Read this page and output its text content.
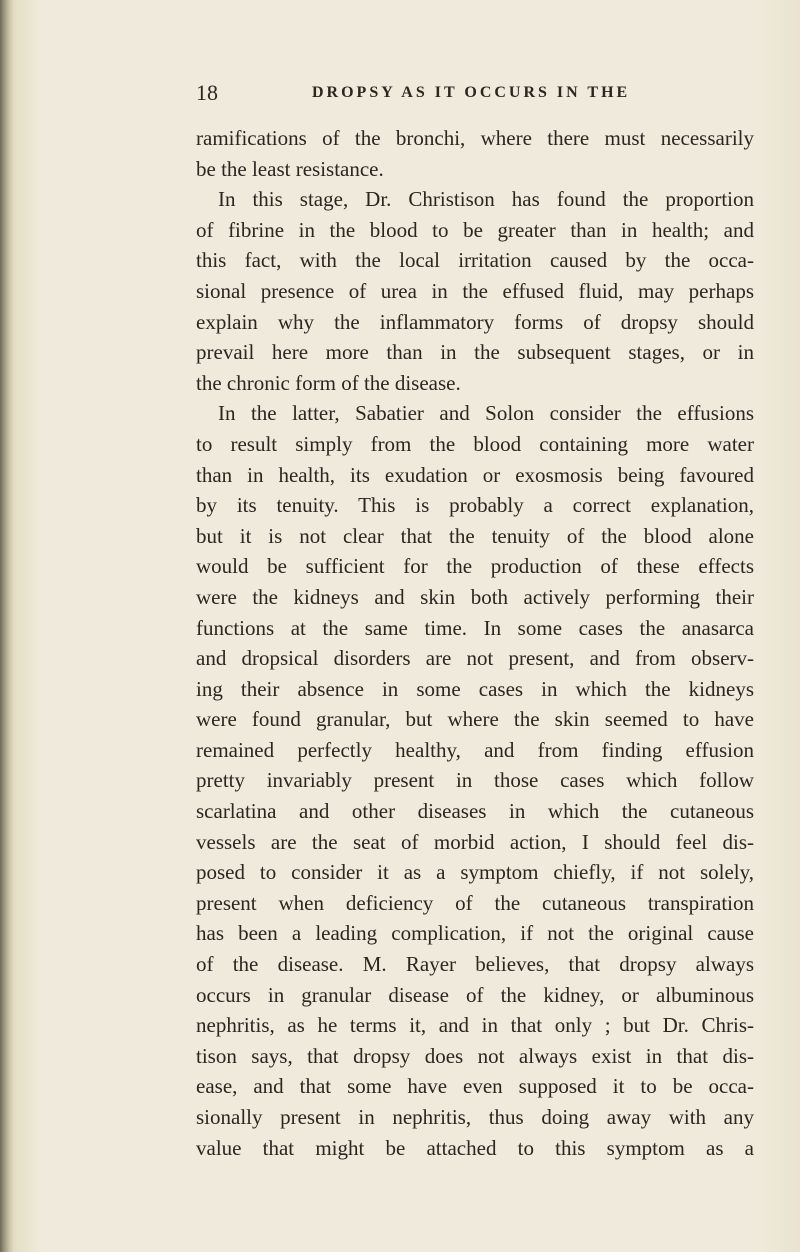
18	DROPSY AS IT OCCURS IN THE
ramifications of the bronchi, where there must necessarily
be the least resistance.
In this stage, Dr. Christison has found the proportion
of fibrine in the blood to be greater than in health; and
this fact, with the local irritation caused by the occa-
sional presence of urea in the effused fluid, may perhaps
explain why the inflammatory forms of dropsy should
prevail here more than in the subsequent stages, or in
the chronic form of the disease.
In the latter, Sabatier and Solon consider the effusions
to result simply from the blood containing more water
than in health, its exudation or exosmosis being favoured
by its tenuity. This is probably a correct explanation,
but it is not clear that the tenuity of the blood alone
would be sufficient for the production of these effects
were the kidneys and skin both actively performing their
functions at the same time. In some cases the anasarca
and dropsical disorders are not present, and from observ-
ing their absence in some cases in which the kidneys
were found granular, but where the skin seemed to have
remained perfectly healthy, and from finding effusion
pretty invariably present in those cases which follow
scarlatina and other diseases in which the cutaneous
vessels are the seat of morbid action, I should feel dis-
posed to consider it as a symptom chiefly, if not solely,
present when deficiency of the cutaneous transpiration
has been a leading complication, if not the original cause
of the disease. M. Rayer believes, that dropsy always
occurs in granular disease of the kidney, or albuminous
nephritis, as he terms it, and in that only ; but Dr. Chris-
tison says, that dropsy does not always exist in that dis-
ease, and that some have even supposed it to be occa-
sionally present in nephritis, thus doing away with any
value that might be attached to this symptom as a
